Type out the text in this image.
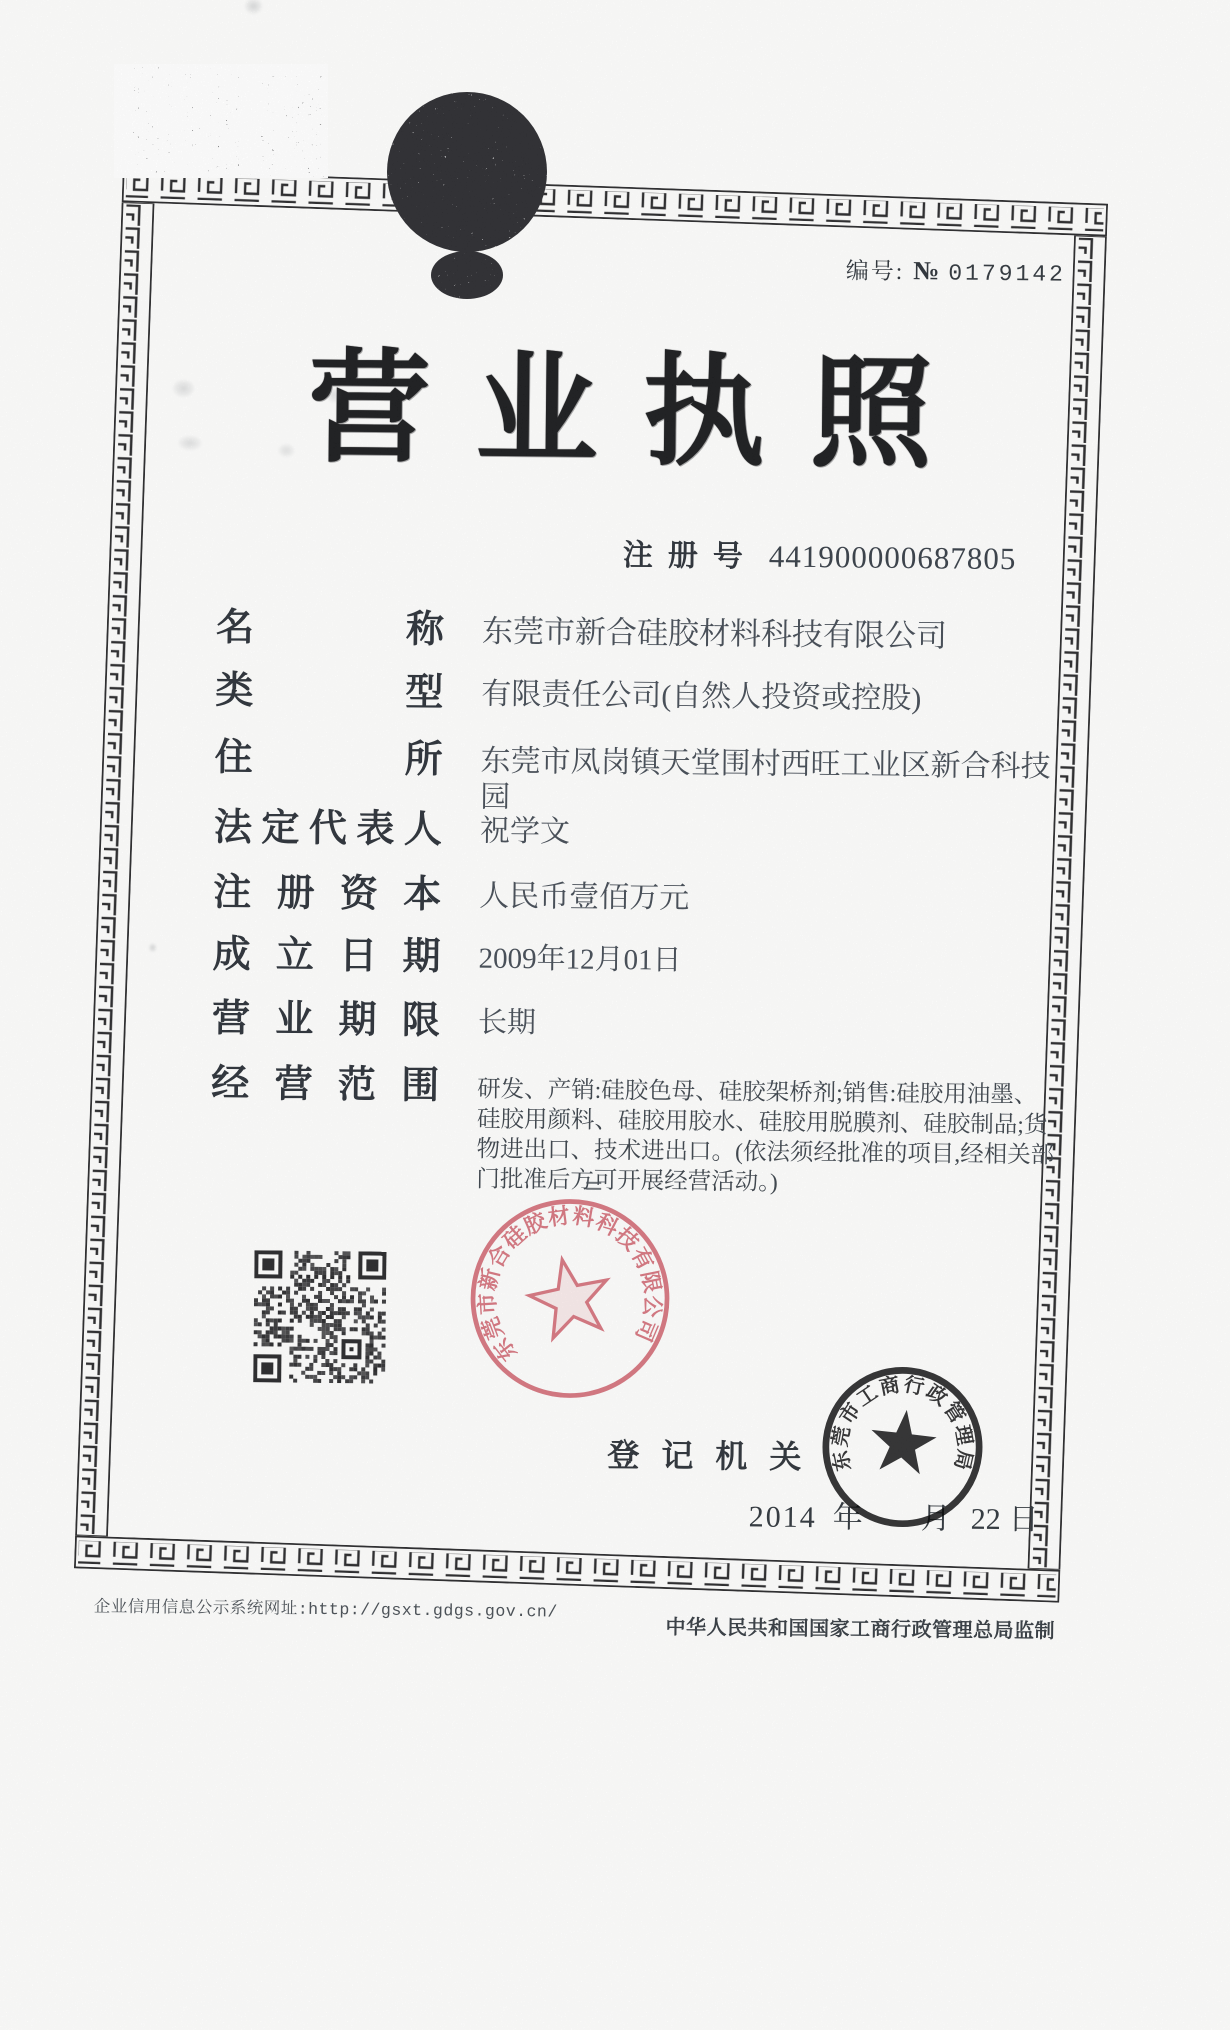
编号: № 0179142
营 业 执 照
注册号 441900000687805
名称 东莞市新合硅胶材料科技有限公司
类型 有限责任公司(自然人投资或控股)
住所 东莞市凤岗镇天堂围村西旺工业区新合科技园
法定代表人 祝学文
注册资本 人民币壹佰万元
成立日期 2009年12月01日
营业期限 长期
经营范围 研发、产销:硅胶色母、硅胶架桥剂;销售:硅胶用油墨、硅胶用颜料、硅胶用胶水、硅胶用脱膜剂、硅胶制品;货物进出口、技术进出口。(依法须经批准的项目,经相关部门批准后方可开展经营活动。)
东莞市新合硅胶材料科技有限公司
登记机关
2014 年 月 22 日
东莞市工商行政管理局
企业信用信息公示系统网址:http://gsxt.gdgs.gov.cn/
中华人民共和国国家工商行政管理总局监制
